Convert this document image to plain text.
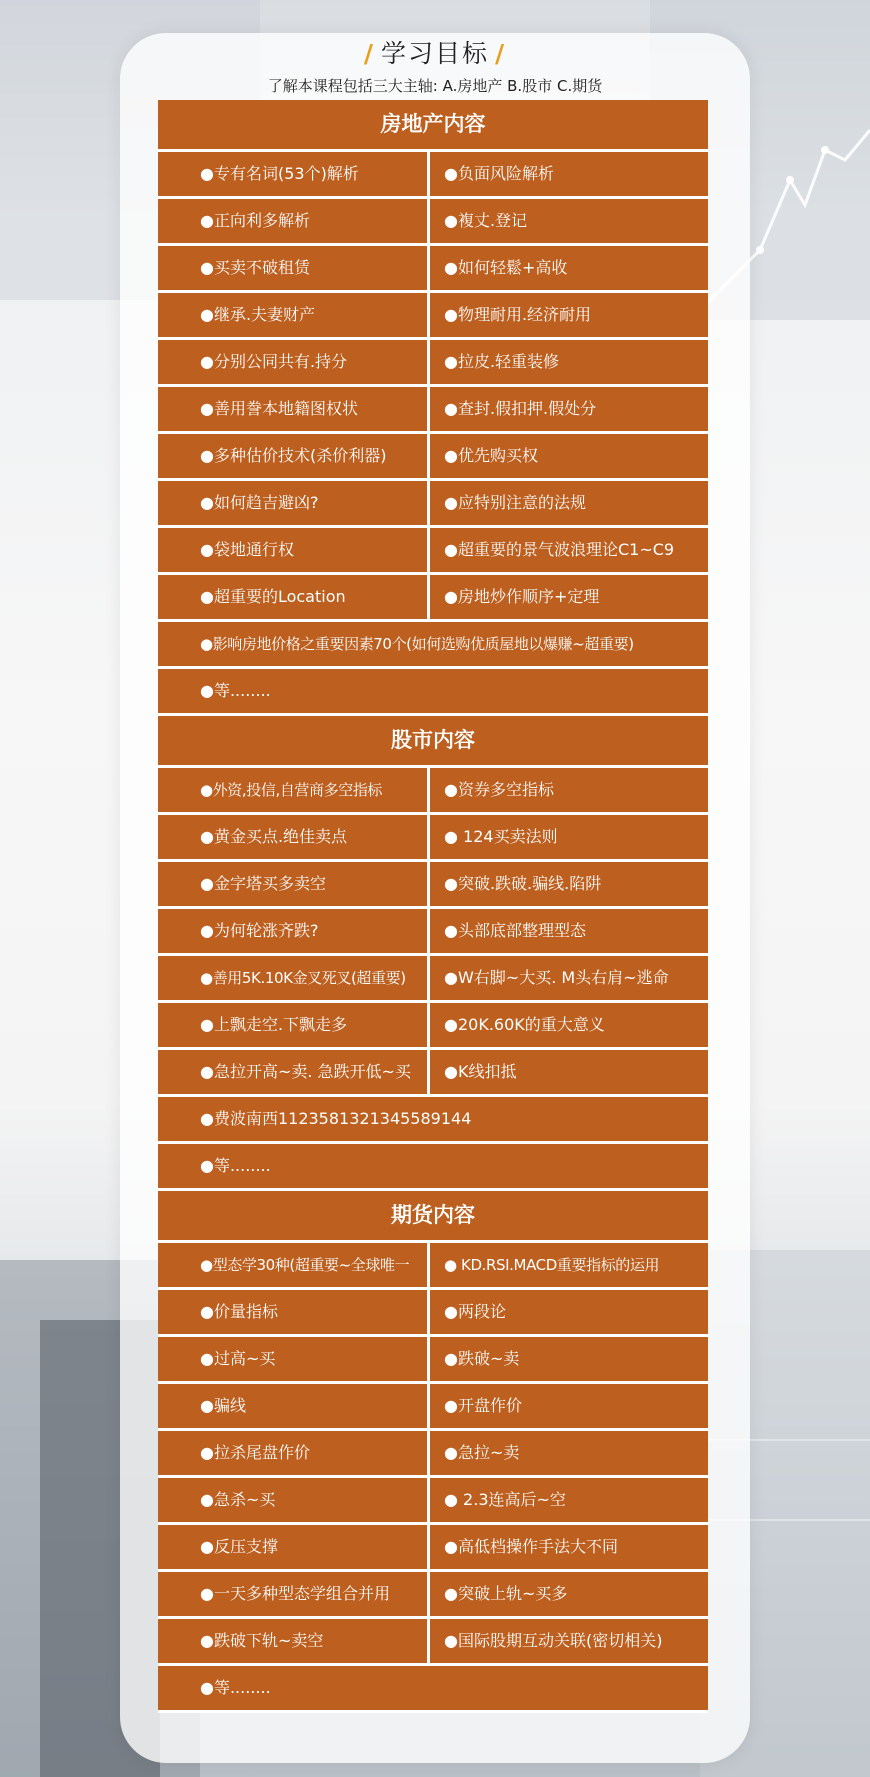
/ 学习目标 /
了解本课程包括三大主轴: A.房地产 B.股市 C.期货
房地产内容
●专有名词(53个)解析	●负面风险解析
●正向利多解析	●複丈.登记
●买卖不破租赁	●如何轻鬆+高收
●继承.夫妻财产	●物理耐用.经济耐用
●分别公同共有.持分	●拉皮.轻重装修
●善用誊本地籍图权状	●查封.假扣押.假处分
●多种估价技术(杀价利器)	●优先购买权
●如何趋吉避凶?	●应特别注意的法规
●袋地通行权	●超重要的景气波浪理论C1~C9
●超重要的Location	●房地炒作顺序+定理
●影响房地价格之重要因素70个(如何选购优质屋地以爆赚~超重要)
●等........
股市内容
●外资,投信,自营商多空指标	●资券多空指标
●黄金买点.绝佳卖点	● 124买卖法则
●金字塔买多卖空	●突破.跌破.骗线.陷阱
●为何轮涨齐跌?	●头部底部整理型态
●善用5K.10K金叉死叉(超重要)	●W右脚~大买. M头右肩~逃命
●上飘走空.下飘走多	●20K.60K的重大意义
●急拉开高~卖. 急跌开低~买	●K线扣抵
●费波南西112358132134558914​4
●等........
期货内容
●型态学30种(超重要~全球唯一	● KD.RSI.MACD重要指标的运用
●价量指标	●两段论
●过高~买	●跌破~卖
●骗线	●开盘作价
●拉杀尾盘作价	●急拉~卖
●急杀~买	● 2.3连高后~空
●反压支撑	●高低档操作手法大不同
●一天多种型态学组合并用	●突破上轨~买多
●跌破下轨~卖空	●国际股期互动关联(密切相关)
●等........
